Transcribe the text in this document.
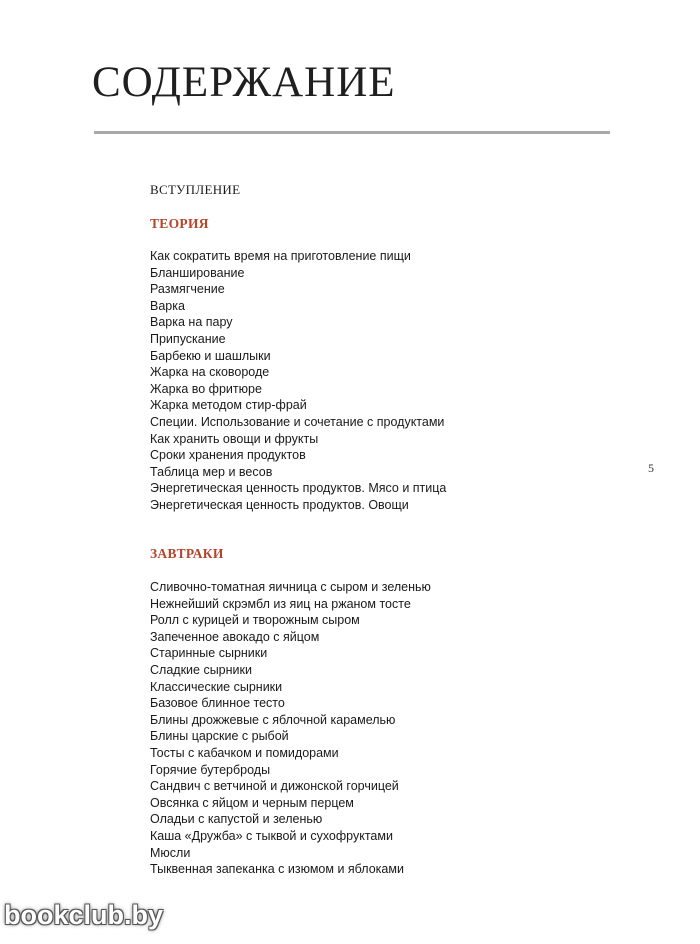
СОДЕРЖАНИЕ
ВСТУПЛЕНИЕ
ТЕОРИЯ
Как сократить время на приготовление пищи
Бланширование
Размягчение
Варка
Варка на пару
Припускание
Барбекю и шашлыки
Жарка на сковороде
Жарка во фритюре
Жарка методом стир-фрай
Специи. Использование и сочетание с продуктами
Как хранить овощи и фрукты
Сроки хранения продуктов
Таблица мер и весов
Энергетическая ценность продуктов. Мясо и птица
Энергетическая ценность продуктов. Овощи
ЗАВТРАКИ
Сливочно-томатная яичница с сыром и зеленью
Нежнейший скрэмбл из яиц на ржаном тосте
Ролл с курицей и творожным сыром
Запеченное авокадо с яйцом
Старинные сырники
Сладкие сырники
Классические сырники
Базовое блинное тесто
Блины дрожжевые с яблочной карамелью
Блины царские с рыбой
Тосты с кабачком и помидорами
Горячие бутерброды
Сандвич с ветчиной и дижонской горчицей
Овсянка с яйцом и черным перцем
Оладьи с капустой и зеленью
Каша «Дружба» с тыквой и сухофруктами
Мюсли
Тыквенная запеканка с изюмом и яблоками
5
bookclub.by
